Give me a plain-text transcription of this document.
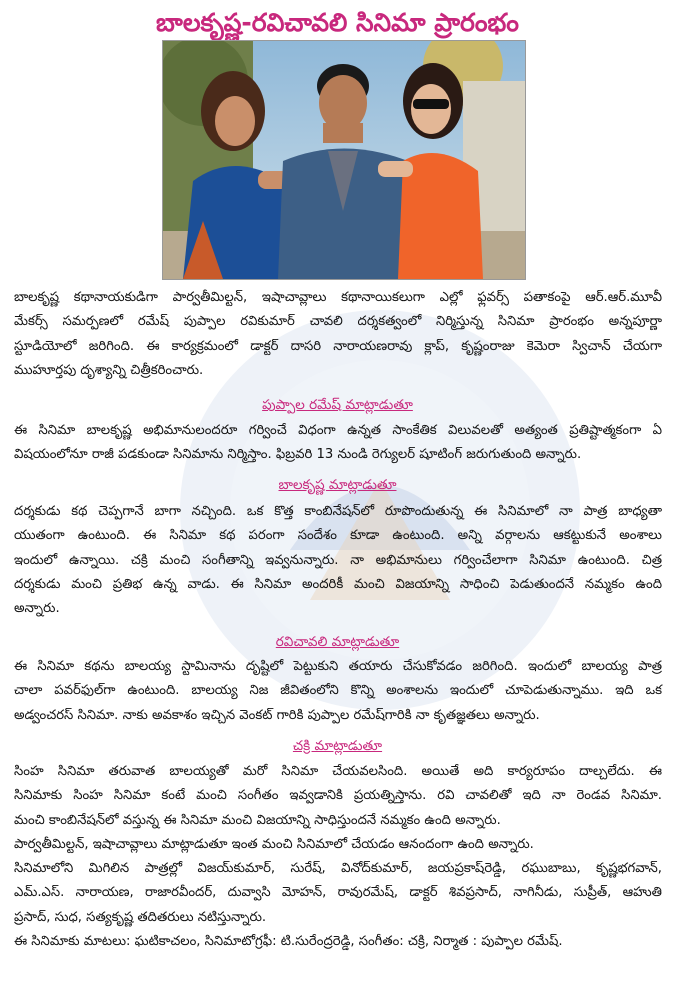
బాలకృష్ణ-రవిచావలి సినిమా ప్రారంభం

బాలకృష్ణ కథానాయకుడిగా పార్వతీమిల్టన్, ఇషాచావ్లాలు కథానాయికలుగా ఎల్లో ఫ్లవర్స్ పతాకంపై ఆర్.ఆర్.మూవీ

మేకర్స్ సమర్పణలో రమేష్ పుప్పాల రవికుమార్ చావలి దర్శకత్వంలో నిర్మిస్తున్న సినిమా ప్రారంభం అన్నపూర్ణా

స్టూడియోలో జరిగింది. ఈ కార్యక్రమంలో డాక్టర్ దాసరి నారాయణరావు క్లాప్, కృష్ణంరాజు కెమెరా స్విచాన్ చేయగా

ముహూర్తపు దృశ్యాన్ని చిత్రీకరించారు.

పుప్పాల రమేష్ మాట్లాడుతూ

ఈ సినిమా బాలకృష్ణ అభిమానులందరూ గర్వించే విధంగా ఉన్నత సాంకేతిక విలువలతో అత్యంత ప్రతిష్టాత్మకంగా ఏ

విషయంలోనూ రాజీ పడకుండా సినిమాను నిర్మిస్తాం. ఫిబ్రవరి 13 నుండి రెగ్యులర్ షూటింగ్ జరుగుతుంది అన్నారు.

బాలకృష్ణ మాట్లాడుతూ

దర్శకుడు కథ చెప్పగానే బాగా నచ్చింది. ఒక కొత్త కాంబినేషన్‌లో రూపొందుతున్న ఈ సినిమాలో నా పాత్ర బాధ్యతా

యుతంగా ఉంటుంది. ఈ సినిమా కథ పరంగా సందేశం కూడా ఉంటుంది. అన్ని వర్గాలను ఆకట్టుకునే అంశాలు

ఇందులో ఉన్నాయి. చక్రి మంచి సంగీతాన్ని ఇవ్వనున్నారు. నా అభిమానులు గర్వించేలాగా సినిమా ఉంటుంది. చిత్ర

దర్శకుడు మంచి ప్రతిభ ఉన్న వాడు. ఈ సినిమా అందరికీ మంచి విజయాన్ని సాధించి పెడుతుందనే నమ్మకం ఉంది

అన్నారు.

రవిచావలి మాట్లాడుతూ

ఈ సినిమా కథను బాలయ్య స్టామినాను దృష్టిలో పెట్టుకుని తయారు చేసుకోవడం జరిగింది. ఇందులో బాలయ్య పాత్ర

చాలా పవర్‌ఫుల్‌గా ఉంటుంది. బాలయ్య నిజ జీవితంలోని కొన్ని అంశాలను ఇందులో చూపెడుతున్నాము. ఇది ఒక

అడ్వంచరస్ సినిమా. నాకు అవకాశం ఇచ్చిన వెంకట్ గారికి పుప్పాల రమేష్‌గారికి నా కృతజ్ఞతలు అన్నారు.

చక్రి మాట్లాడుతూ

సింహ సినిమా తరువాత బాలయ్యతో మరో సినిమా చేయవలసింది. అయితే అది కార్యరూపం దాల్చలేదు. ఈ

సినిమాకు సింహ సినిమా కంటే మంచి సంగీతం ఇవ్వడానికి ప్రయత్నిస్తాను. రవి చావలితో ఇది నా రెండవ సినిమా.

మంచి కాంబినేషన్‌లో వస్తున్న ఈ సినిమా మంచి విజయాన్ని సాధిస్తుందనే నమ్మకం ఉంది అన్నారు.

పార్వతీమిల్టన్, ఇషాచావ్లాలు మాట్లాడుతూ ఇంత మంచి సినిమాలో చేయడం ఆనందంగా ఉంది అన్నారు.

సినిమాలోని మిగిలిన పాత్రల్లో విజయ్‌కుమార్, సురేష్, వినోద్‌కుమార్, జయప్రకాష్‌రెడ్డి, రఘుబాబు, కృష్ణభగవాన్,

ఎమ్.ఎస్. నారాయణ, రాజారవీందర్, దువ్వాసి మోహన్, రావురమేష్, డాక్టర్ శివప్రసాద్, నాగినీడు, సుప్రీత్, ఆహుతి

ప్రసాద్, సుధ, సత్యకృష్ణ తదితరులు నటిస్తున్నారు.

ఈ సినిమాకు మాటలు: ఘటికాచలం, సినిమాటోగ్రఫీ: టి.సురేంద్రరెడ్డి, సంగీతం: చక్రి, నిర్మాత : పుప్పాల రమేష్.
